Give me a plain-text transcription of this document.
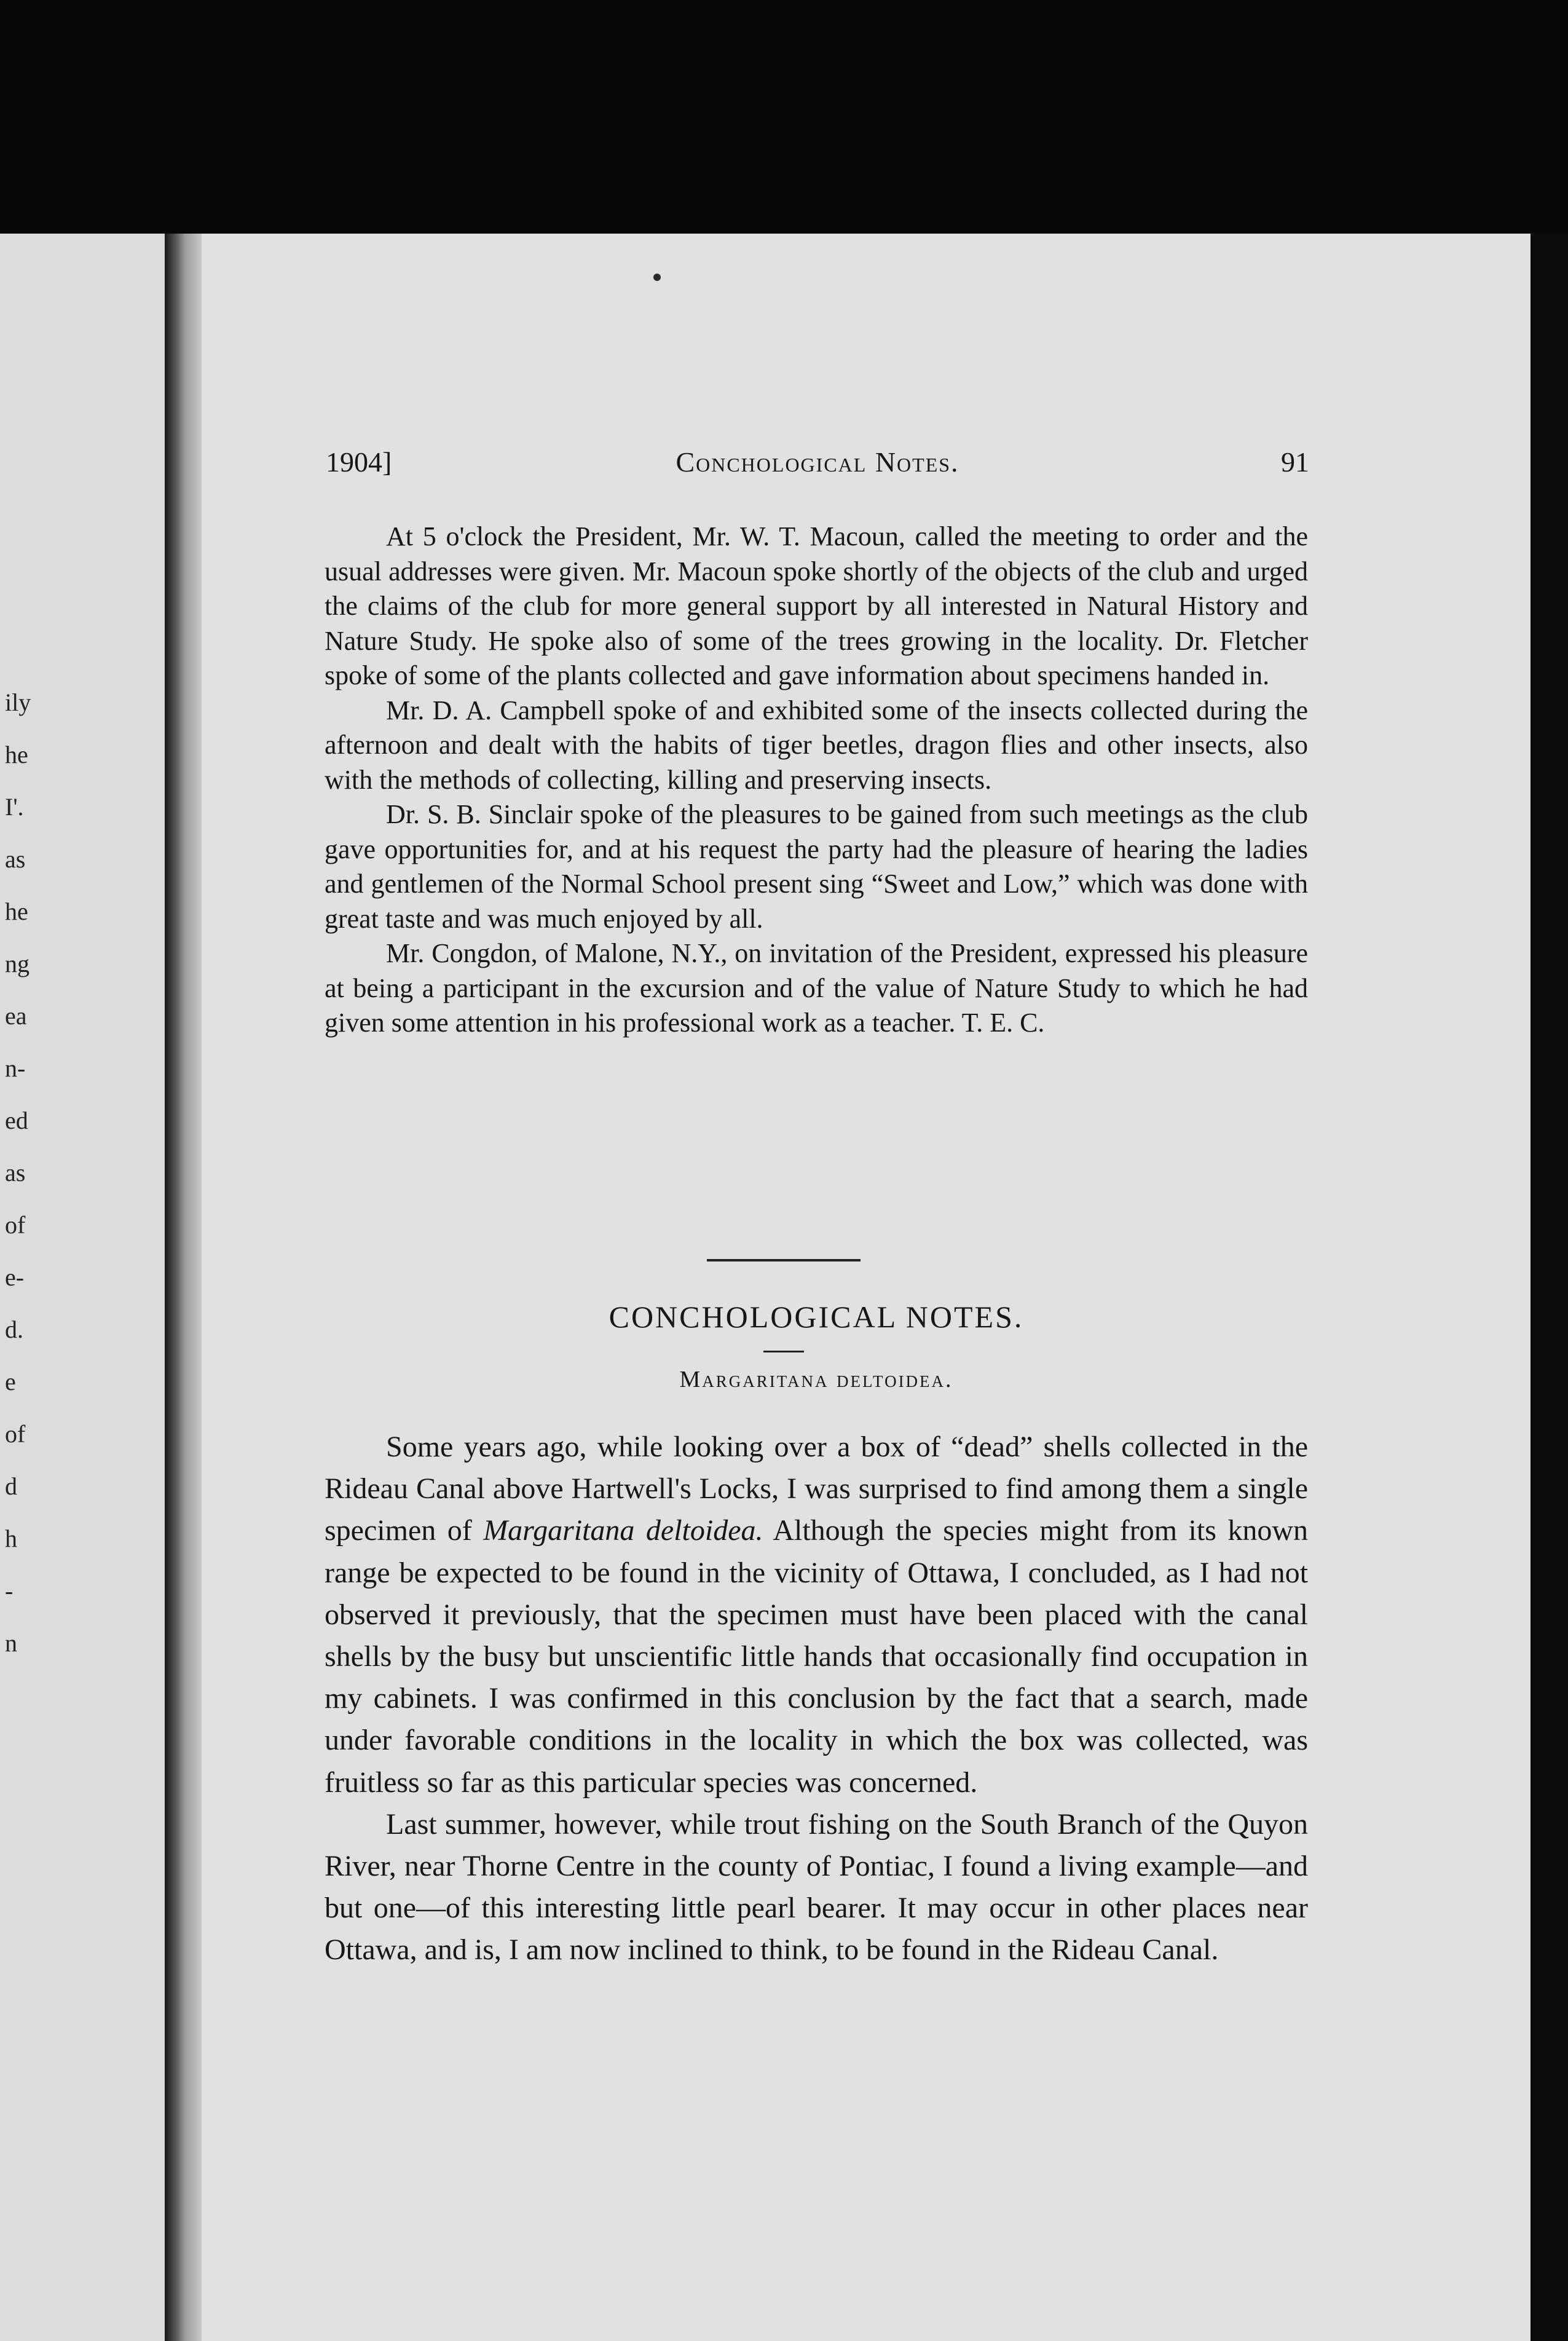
ily
he
I'.
as
he
ng
ea
n-
ed
as
of
e-
d.
e
of
d
h
-
n
1904]	Conchological Notes.	91

At 5 o'clock the President, Mr. W. T. Macoun, called the meeting to order and the usual addresses were given. Mr. Macoun spoke shortly of the objects of the club and urged the claims of the club for more general support by all interested in Natural History and Nature Study. He spoke also of some of the trees growing in the locality. Dr. Fletcher spoke of some of the plants collected and gave information about specimens handed in.

Mr. D. A. Campbell spoke of and exhibited some of the insects collected during the afternoon and dealt with the habits of tiger beetles, dragon flies and other insects, also with the methods of collecting, killing and preserving insects.

Dr. S. B. Sinclair spoke of the pleasures to be gained from such meetings as the club gave opportunities for, and at his request the party had the pleasure of hearing the ladies and gentlemen of the Normal School present sing “Sweet and Low,” which was done with great taste and was much enjoyed by all.

Mr. Congdon, of Malone, N.Y., on invitation of the President, expressed his pleasure at being a participant in the excursion and of the value of Nature Study to which he had given some attention in his professional work as a teacher. T. E. C.

CONCHOLOGICAL NOTES.
Margaritana deltoidea.

Some years ago, while looking over a box of “dead” shells collected in the Rideau Canal above Hartwell's Locks, I was surprised to find among them a single specimen of Margaritana deltoidea. Although the species might from its known range be expected to be found in the vicinity of Ottawa, I concluded, as I had not observed it previously, that the specimen must have been placed with the canal shells by the busy but unscientific little hands that occasionally find occupation in my cabinets. I was confirmed in this conclusion by the fact that a search, made under favorable conditions in the locality in which the box was collected, was fruitless so far as this particular species was concerned.

Last summer, however, while trout fishing on the South Branch of the Quyon River, near Thorne Centre in the county of Pontiac, I found a living example—and but one—of this interesting little pearl bearer. It may occur in other places near Ottawa, and is, I am now inclined to think, to be found in the Rideau Canal.
